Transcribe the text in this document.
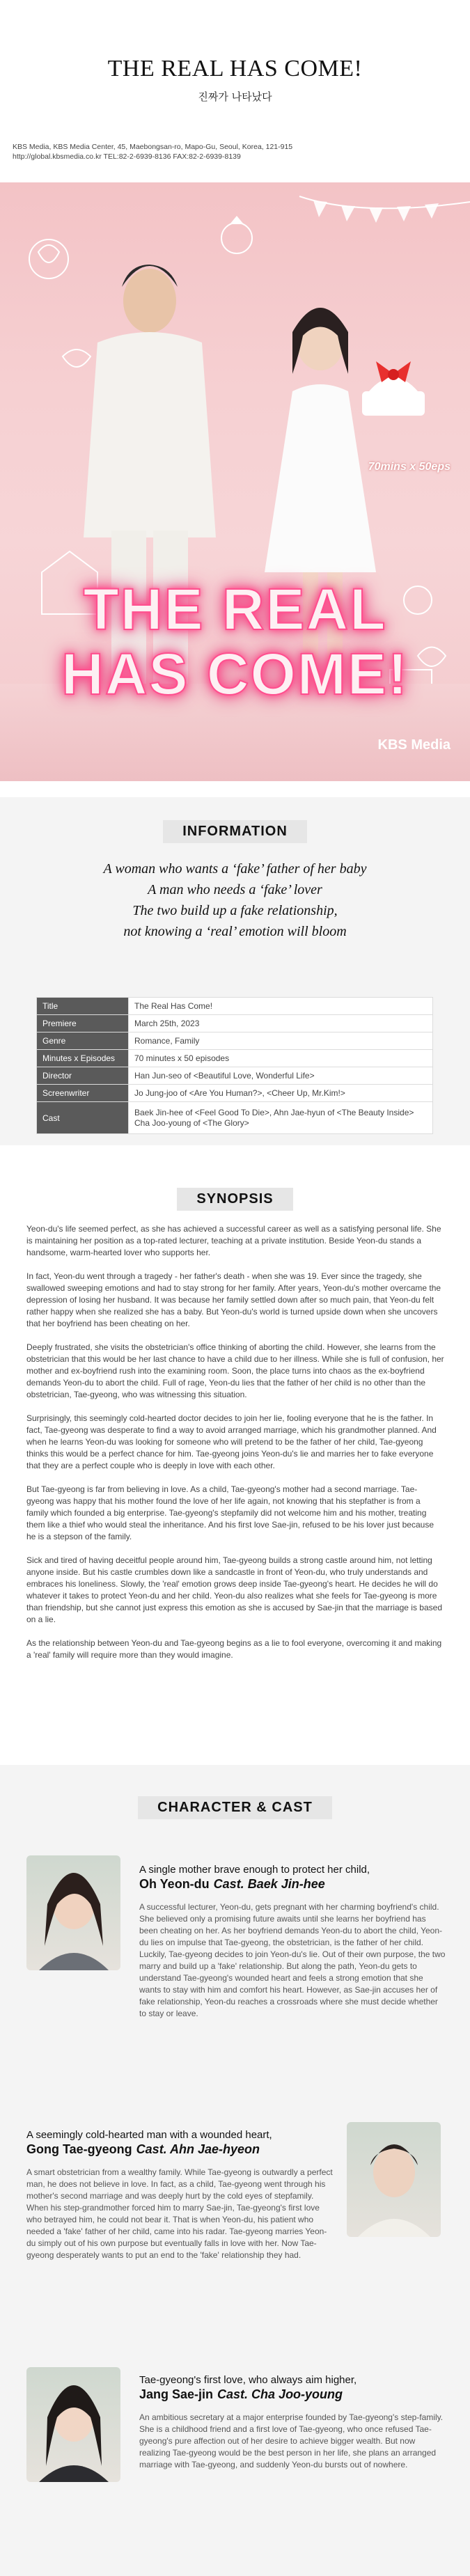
THE REAL HAS COME!
진짜가 나타났다
KBS Media, KBS Media Center, 45, Maebongsan-ro, Mapo-Gu, Seoul, Korea, 121-915
http://global.kbsmedia.co.kr TEL:82-2-6939-8136 FAX:82-2-6939-8139
70mins x 50eps
THE REAL
HAS COME!
KBS Media
INFORMATION
A woman who wants a ‘fake’ father of her baby
A man who needs a ‘fake’ lover
The two build up a fake relationship,
not knowing a ‘real’ emotion will bloom
Title	The Real Has Come!
Premiere	March 25th, 2023
Genre	Romance, Family
Minutes x Episodes	70 minutes x 50 episodes
Director	Han Jun-seo of <Beautiful Love, Wonderful Life>
Screenwriter	Jo Jung-joo of <Are You Human?>, <Cheer Up, Mr.Kim!>
Cast	Baek Jin-hee of <Feel Good To Die>, Ahn Jae-hyun of <The Beauty Inside>
Cha Joo-young of <The Glory>
SYNOPSIS

Yeon-du's life seemed perfect, as she has achieved a successful career as well as a satisfying personal life. She is maintaining her position as a top-rated lecturer, teaching at a private institution. Beside Yeon-du stands a handsome, warm-hearted lover who supports her.

In fact, Yeon-du went through a tragedy - her father's death - when she was 19. Ever since the tragedy, she swallowed sweeping emotions and had to stay strong for her family. After years, Yeon-du's mother overcame the depression of losing her husband. It was because her family settled down after so much pain, that Yeon-du felt rather happy when she realized she has a baby. But Yeon-du's world is turned upside down when she uncovers that her boyfriend has been cheating on her.

Deeply frustrated, she visits the obstetrician's office thinking of aborting the child. However, she learns from the obstetrician that this would be her last chance to have a child due to her illness. While she is full of confusion, her mother and ex-boyfriend rush into the examining room. Soon, the place turns into chaos as the ex-boyfriend demands Yeon-du to abort the child. Full of rage, Yeon-du lies that the father of her child is no other than the obstetrician, Tae-gyeong, who was witnessing this situation.

Surprisingly, this seemingly cold-hearted doctor decides to join her lie, fooling everyone that he is the father. In fact, Tae-gyeong was desperate to find a way to avoid arranged marriage, which his grandmother planned. And when he learns Yeon-du was looking for someone who will pretend to be the father of her child, Tae-gyeong thinks this would be a perfect chance for him. Tae-gyeong joins Yeon-du's lie and marries her to fake everyone that they are a perfect couple who is deeply in love with each other.

But Tae-gyeong is far from believing in love. As a child, Tae-gyeong's mother had a second marriage. Tae-gyeong was happy that his mother found the love of her life again, not knowing that his stepfather is from a family which founded a big enterprise. Tae-gyeong's stepfamily did not welcome him and his mother, treating them like a thief who would steal the inheritance. And his first love Sae-jin, refused to be his lover just because he is a stepson of the family.

Sick and tired of having deceitful people around him, Tae-gyeong builds a strong castle around him, not letting anyone inside. But his castle crumbles down like a sandcastle in front of Yeon-du, who truly understands and embraces his loneliness. Slowly, the 'real' emotion grows deep inside Tae-gyeong's heart. He decides he will do whatever it takes to protect Yeon-du and her child. Yeon-du also realizes what she feels for Tae-gyeong is more than friendship, but she cannot just express this emotion as she is accused by Sae-jin that the marriage is based on a lie.

As the relationship between Yeon-du and Tae-gyeong begins as a lie to fool everyone, overcoming it and making a 'real' family will require more than they would imagine.

CHARACTER & CAST
A single mother brave enough to protect her child,
Oh Yeon-du Cast. Baek Jin-hee
A successful lecturer, Yeon-du, gets pregnant with her charming boyfriend's child. She believed only a promising future awaits until she learns her boyfriend has been cheating on her. As her boyfriend demands Yeon-du to abort the child, Yeon-du lies on impulse that Tae-gyeong, the obstetrician, is the father of her child. Luckily, Tae-gyeong decides to join Yeon-du's lie. Out of their own purpose, the two marry and build up a 'fake' relationship. But along the path, Yeon-du gets to understand Tae-gyeong's wounded heart and feels a strong emotion that she wants to stay with him and comfort his heart. However, as Sae-jin accuses her of fake relationship, Yeon-du reaches a crossroads where she must decide whether to stay or leave.
A seemingly cold-hearted man with a wounded heart,
Gong Tae-gyeong Cast. Ahn Jae-hyeon
A smart obstetrician from a wealthy family. While Tae-gyeong is outwardly a perfect man, he does not believe in love. In fact, as a child, Tae-gyeong went through his mother's second marriage and was deeply hurt by the cold eyes of stepfamily. When his step-grandmother forced him to marry Sae-jin, Tae-gyeong's first love who betrayed him, he could not bear it. That is when Yeon-du, his patient who needed a 'fake' father of her child, came into his radar. Tae-gyeong marries Yeon-du simply out of his own purpose but eventually falls in love with her. Now Tae-gyeong desperately wants to put an end to the 'fake' relationship they had.
Tae-gyeong's first love, who always aim higher,
Jang Sae-jin Cast. Cha Joo-young
An ambitious secretary at a major enterprise founded by Tae-gyeong's step-family. She is a childhood friend and a first love of Tae-gyeong, who once refused Tae-gyeong's pure affection out of her desire to achieve bigger wealth. But now realizing Tae-gyeong would be the best person in her life, she plans an arranged marriage with Tae-gyeong, and suddenly Yeon-du bursts out of nowhere.
